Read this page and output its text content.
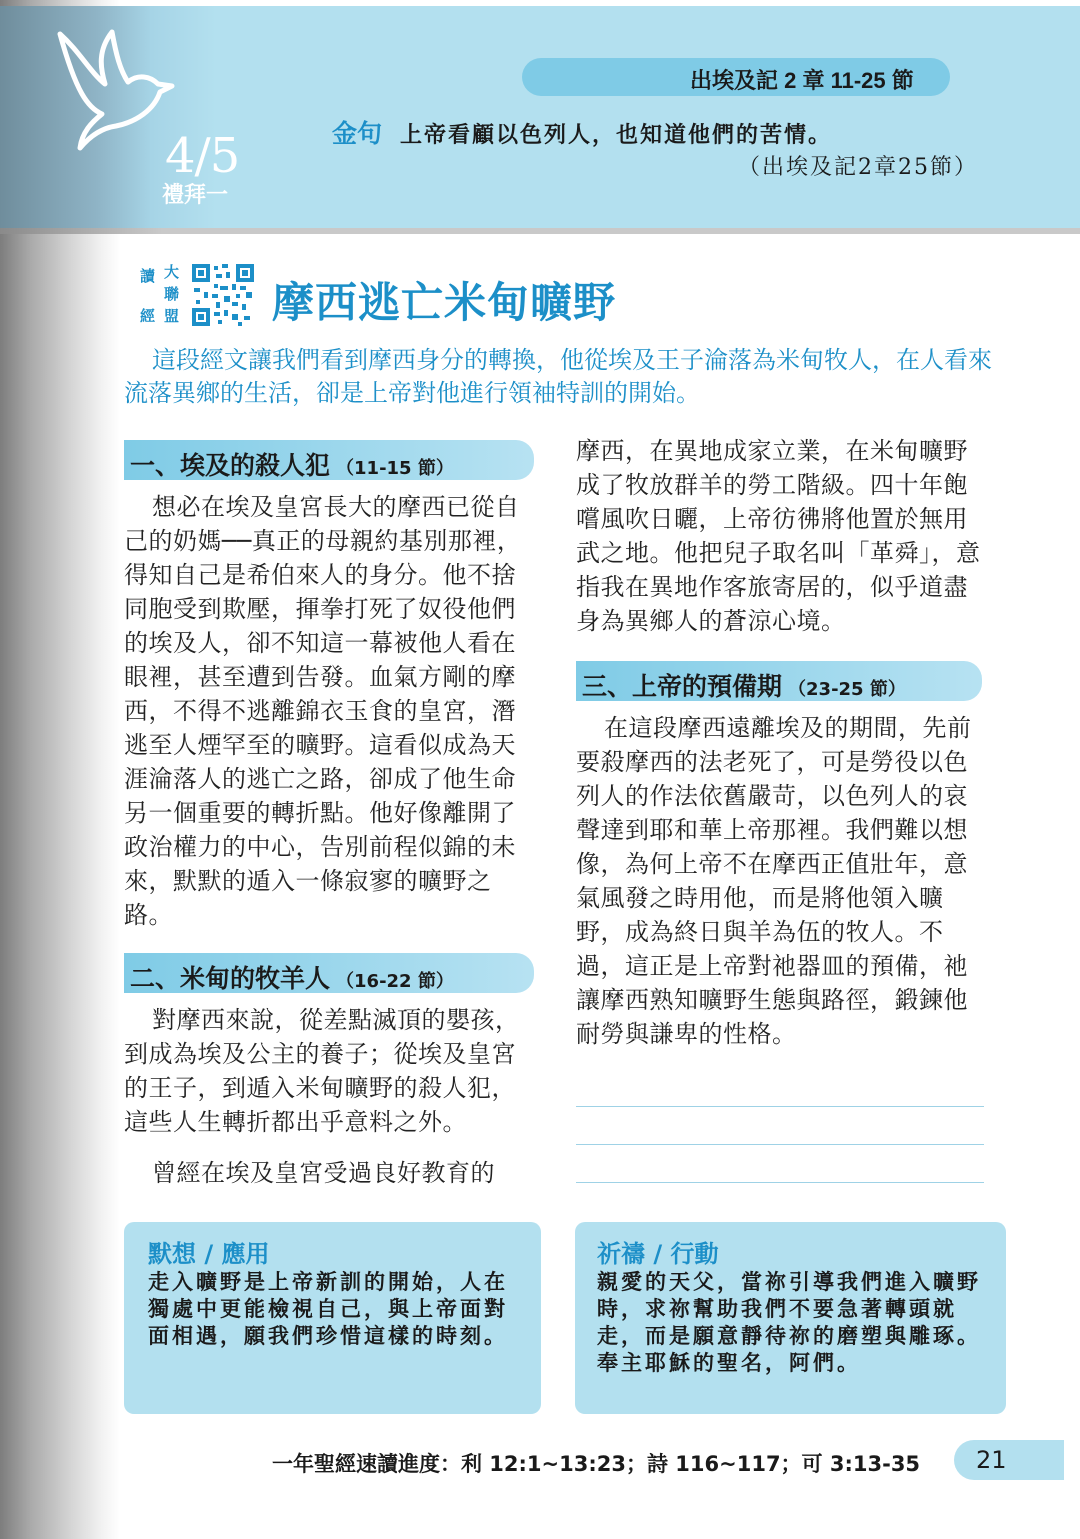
4/5
禮拜一
出埃及記 2 章 11-25 節
金句 上帝看顧以色列人，也知道他們的苦情。
（出埃及記2章25節）
讀 大
聯
經 盟 摩西逃亡米甸曠野
這段經文讓我們看到摩西身分的轉換，他從埃及王子淪落為米甸牧人，在人看來流落異鄉的生活，卻是上帝對他進行領袖特訓的開始。
一、埃及的殺人犯 （11-15 節）
想必在埃及皇宮長大的摩西已從自己的奶媽──真正的母親約基別那裡，得知自己是希伯來人的身分。他不捨同胞受到欺壓，揮拳打死了奴役他們的埃及人，卻不知這一幕被他人看在眼裡，甚至遭到告發。血氣方剛的摩西，不得不逃離錦衣玉食的皇宮，潛逃至人煙罕至的曠野。這看似成為天涯淪落人的逃亡之路，卻成了他生命另一個重要的轉折點。他好像離開了政治權力的中心，告別前程似錦的未來，默默的遁入一條寂寥的曠野之路。
二、米甸的牧羊人 （16-22 節）
對摩西來說，從差點滅頂的嬰孩，到成為埃及公主的養子；從埃及皇宮的王子，到遁入米甸曠野的殺人犯，這些人生轉折都出乎意料之外。
曾經在埃及皇宮受過良好教育的
摩西，在異地成家立業，在米甸曠野成了牧放群羊的勞工階級。四十年飽嚐風吹日曬，上帝彷彿將他置於無用武之地。他把兒子取名叫「革舜」，意指我在異地作客旅寄居的，似乎道盡身為異鄉人的蒼涼心境。
三、上帝的預備期 （23-25 節）
在這段摩西遠離埃及的期間，先前要殺摩西的法老死了，可是勞役以色列人的作法依舊嚴苛，以色列人的哀聲達到耶和華上帝那裡。我們難以想像，為何上帝不在摩西正值壯年，意氣風發之時用他，而是將他領入曠野，成為終日與羊為伍的牧人。不過，這正是上帝對祂器皿的預備，祂讓摩西熟知曠野生態與路徑，鍛鍊他耐勞與謙卑的性格。
默想 / 應用
走入曠野是上帝新訓的開始，人在獨處中更能檢視自己，與上帝面對面相遇，願我們珍惜這樣的時刻。
祈禱 / 行動
親愛的天父，當祢引導我們進入曠野時，求祢幫助我們不要急著轉頭就走，而是願意靜待祢的磨塑與雕琢。奉主耶穌的聖名，阿們。
一年聖經速讀進度：利 12:1~13:23；詩 116~117；可 3:13-35 21
